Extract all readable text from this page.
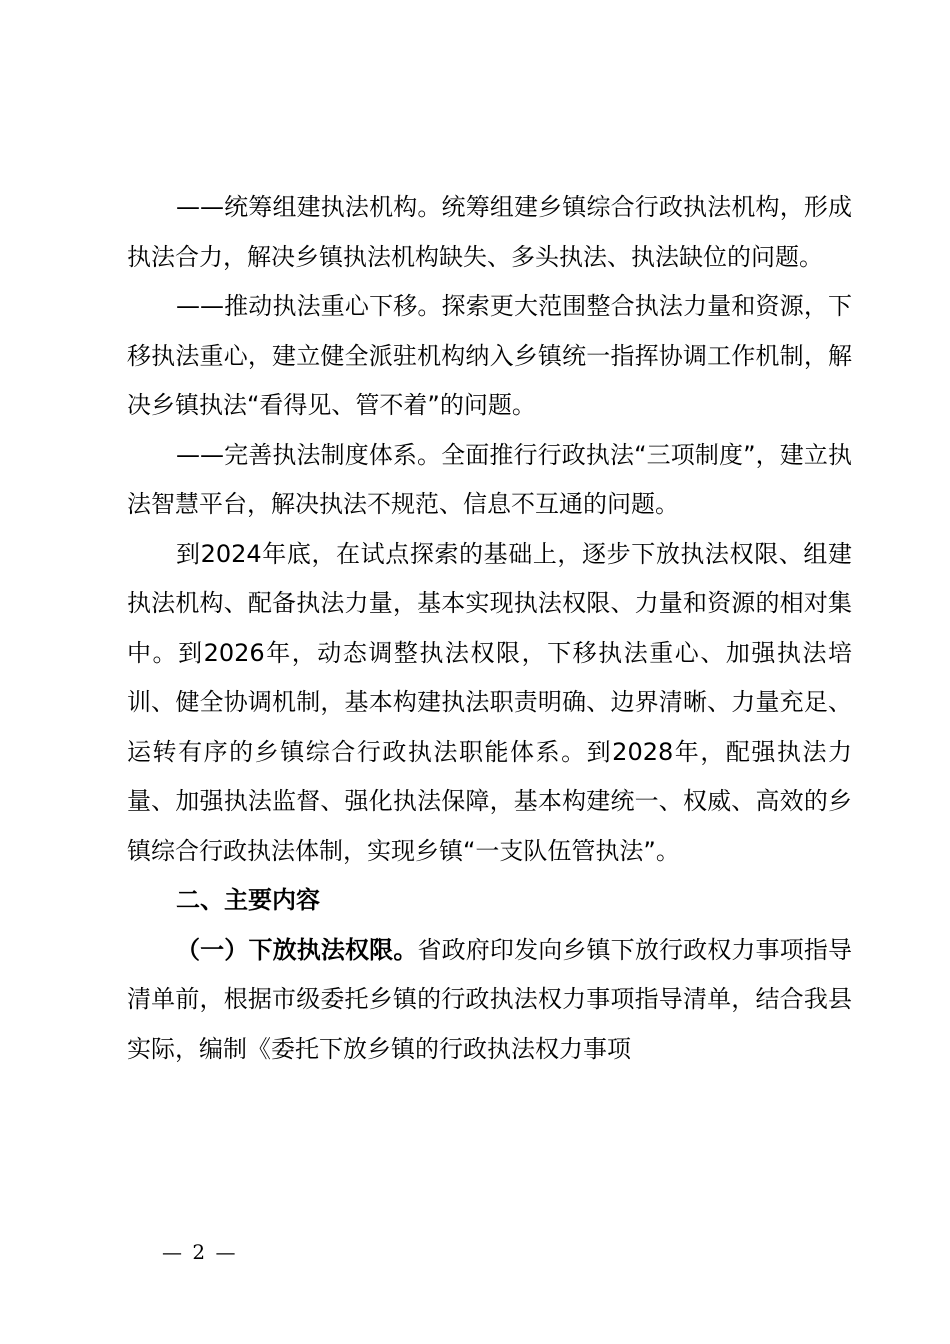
——统筹组建执法机构。统筹组建乡镇综合行政执法机构，形成执法合力，解决乡镇执法机构缺失、多头执法、执法缺位的问题。

——推动执法重心下移。探索更大范围整合执法力量和资源，下移执法重心，建立健全派驻机构纳入乡镇统一指挥协调工作机制，解决乡镇执法“看得见、管不着”的问题。

——完善执法制度体系。全面推行行政执法“三项制度”，建立执法智慧平台，解决执法不规范、信息不互通的问题。

到2024年底，在试点探索的基础上，逐步下放执法权限、组建执法机构、配备执法力量，基本实现执法权限、力量和资源的相对集中。到2026年，动态调整执法权限，下移执法重心、加强执法培训、健全协调机制，基本构建执法职责明确、边界清晰、力量充足、运转有序的乡镇综合行政执法职能体系。到2028年，配强执法力量、加强执法监督、强化执法保障，基本构建统一、权威、高效的乡镇综合行政执法体制，实现乡镇“一支队伍管执法”。

二、主要内容

（一）下放执法权限。省政府印发向乡镇下放行政权力事项指导清单前，根据市级委托乡镇的行政执法权力事项指导清单，结合我县实际，编制《委托下放乡镇的行政执法权力事项

— 2 —
